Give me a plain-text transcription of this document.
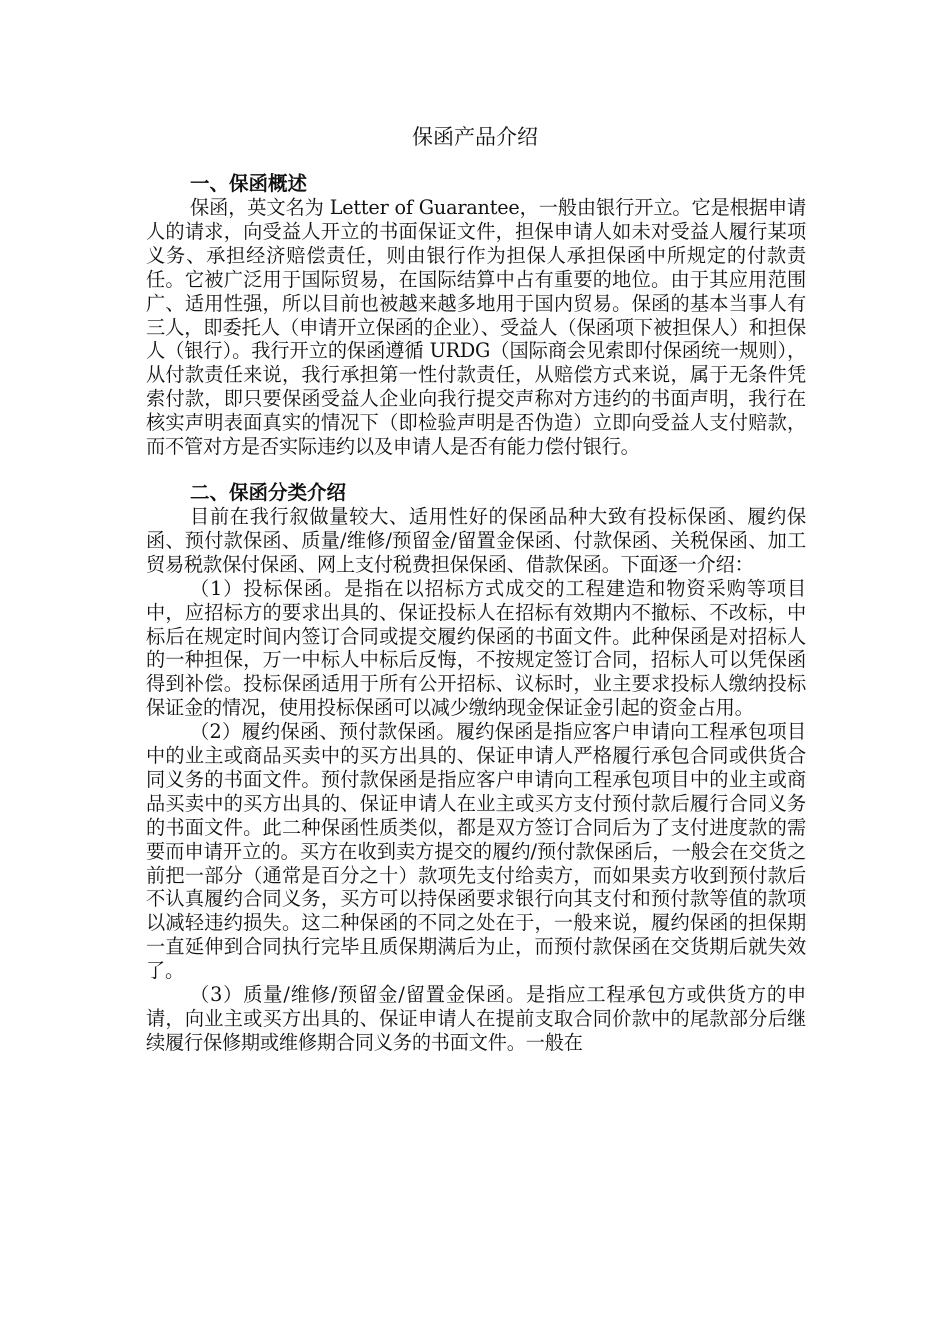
保函产品介绍
一、保函概述

保函，英文名为 Letter of Guarantee，一般由银行开立。它是根据申请人的请求，向受益人开立的书面保证文件，担保申请人如未对受益人履行某项义务、承担经济赔偿责任，则由银行作为担保人承担保函中所规定的付款责任。它被广泛用于国际贸易，在国际结算中占有重要的地位。由于其应用范围广、适用性强，所以目前也被越来越多地用于国内贸易。保函的基本当事人有三人，即委托人（申请开立保函的企业）、受益人（保函项下被担保人）和担保人（银行）。我行开立的保函遵循 URDG（国际商会见索即付保函统一规则），从付款责任来说，我行承担第一性付款责任，从赔偿方式来说，属于无条件凭索付款，即只要保函受益人企业向我行提交声称对方违约的书面声明，我行在核实声明表面真实的情况下（即检验声明是否伪造）立即向受益人支付赔款，而不管对方是否实际违约以及申请人是否有能力偿付银行。

二、保函分类介绍

目前在我行叙做量较大、适用性好的保函品种大致有投标保函、履约保函、预付款保函、质量/维修/预留金/留置金保函、付款保函、关税保函、加工贸易税款保付保函、网上支付税费担保保函、借款保函。下面逐一介绍：

（1）投标保函。是指在以招标方式成交的工程建造和物资采购等项目中，应招标方的要求出具的、保证投标人在招标有效期内不撤标、不改标，中标后在规定时间内签订合同或提交履约保函的书面文件。此种保函是对招标人的一种担保，万一中标人中标后反悔，不按规定签订合同，招标人可以凭保函得到补偿。投标保函适用于所有公开招标、议标时，业主要求投标人缴纳投标保证金的情况，使用投标保函可以减少缴纳现金保证金引起的资金占用。

（2）履约保函、预付款保函。履约保函是指应客户申请向工程承包项目中的业主或商品买卖中的买方出具的、保证申请人严格履行承包合同或供货合同义务的书面文件。预付款保函是指应客户申请向工程承包项目中的业主或商品买卖中的买方出具的、保证申请人在业主或买方支付预付款后履行合同义务的书面文件。此二种保函性质类似，都是双方签订合同后为了支付进度款的需要而申请开立的。买方在收到卖方提交的履约/预付款保函后，一般会在交货之前把一部分（通常是百分之十）款项先支付给卖方，而如果卖方收到预付款后不认真履约合同义务，买方可以持保函要求银行向其支付和预付款等值的款项以减轻违约损失。这二种保函的不同之处在于，一般来说，履约保函的担保期一直延伸到合同执行完毕且质保期满后为止，而预付款保函在交货期后就失效了。

（3）质量/维修/预留金/留置金保函。是指应工程承包方或供货方的申请，向业主或买方出具的、保证申请人在提前支取合同价款中的尾款部分后继续履行保修期或维修期合同义务的书面文件。一般在
